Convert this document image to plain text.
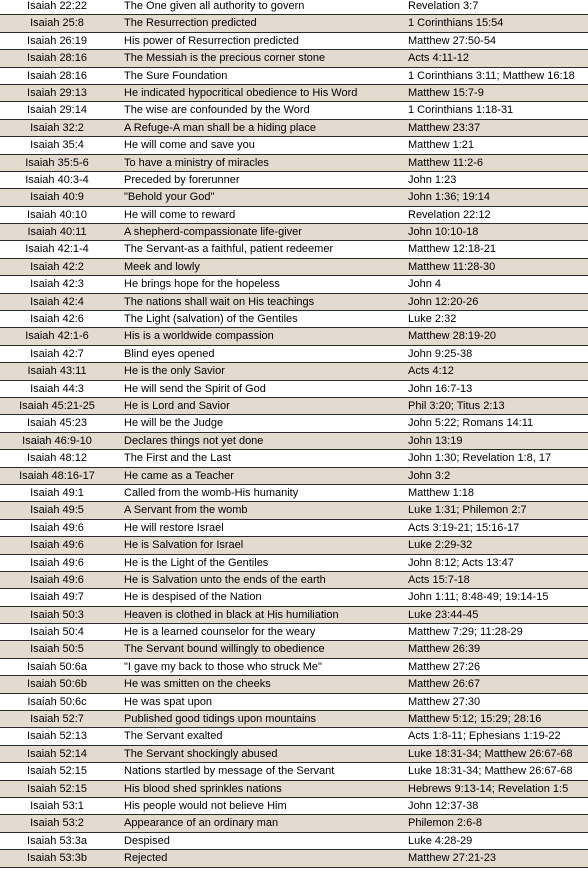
Isaiah 22:22	The One given all authority to govern	Revelation 3:7
Isaiah 25:8	The Resurrection predicted	1 Corinthians 15:54
Isaiah 26:19	His power of Resurrection predicted	Matthew 27:50-54
Isaiah 28:16	The Messiah is the precious corner stone	Acts 4:11-12
Isaiah 28:16	The Sure Foundation	1 Corinthians 3:11; Matthew 16:18
Isaiah 29:13	He indicated hypocritical obedience to His Word	Matthew 15:7-9
Isaiah 29:14	The wise are confounded by the Word	1 Corinthians 1:18-31
Isaiah 32:2	A Refuge-A man shall be a hiding place	Matthew 23:37
Isaiah 35:4	He will come and save you	Matthew 1:21
Isaiah 35:5-6	To have a ministry of miracles	Matthew 11:2-6
Isaiah 40:3-4	Preceded by forerunner	John 1:23
Isaiah 40:9	"Behold your God"	John 1:36; 19:14
Isaiah 40:10	He will come to reward	Revelation 22:12
Isaiah 40:11	A shepherd-compassionate life-giver	John 10:10-18
Isaiah 42:1-4	The Servant-as a faithful, patient redeemer	Matthew 12:18-21
Isaiah 42:2	Meek and lowly	Matthew 11:28-30
Isaiah 42:3	He brings hope for the hopeless	John 4
Isaiah 42:4	The nations shall wait on His teachings	John 12:20-26
Isaiah 42:6	The Light (salvation) of the Gentiles	Luke 2:32
Isaiah 42:1-6	His is a worldwide compassion	Matthew 28:19-20
Isaiah 42:7	Blind eyes opened	John 9:25-38
Isaiah 43:11	He is the only Savior	Acts 4:12
Isaiah 44:3	He will send the Spirit of God	John 16:7-13
Isaiah 45:21-25	He is Lord and Savior	Phil 3:20; Titus 2:13
Isaiah 45:23	He will be the Judge	John 5:22; Romans 14:11
Isaiah 46:9-10	Declares things not yet done	John 13:19
Isaiah 48:12	The First and the Last	John 1:30; Revelation 1:8, 17
Isaiah 48:16-17	He came as a Teacher	John 3:2
Isaiah 49:1	Called from the womb-His humanity	Matthew 1:18
Isaiah 49:5	A Servant from the womb	Luke 1:31; Philemon 2:7
Isaiah 49:6	He will restore Israel	Acts 3:19-21; 15:16-17
Isaiah 49:6	He is Salvation for Israel	Luke 2:29-32
Isaiah 49:6	He is the Light of the Gentiles	John 8:12; Acts 13:47
Isaiah 49:6	He is Salvation unto the ends of the earth	Acts 15:7-18
Isaiah 49:7	He is despised of the Nation	John 1:11; 8:48-49; 19:14-15
Isaiah 50:3	Heaven is clothed in black at His humiliation	Luke 23:44-45
Isaiah 50:4	He is a learned counselor for the weary	Matthew 7:29; 11:28-29
Isaiah 50:5	The Servant bound willingly to obedience	Matthew 26:39
Isaiah 50:6a	"I gave my back to those who struck Me"	Matthew 27:26
Isaiah 50:6b	He was smitten on the cheeks	Matthew 26:67
Isaiah 50:6c	He was spat upon	Matthew 27:30
Isaiah 52:7	Published good tidings upon mountains	Matthew 5:12; 15:29; 28:16
Isaiah 52:13	The Servant exalted	Acts 1:8-11; Ephesians 1:19-22
Isaiah 52:14	The Servant shockingly abused	Luke 18:31-34; Matthew 26:67-68
Isaiah 52:15	Nations startled by message of the Servant	Luke 18:31-34; Matthew 26:67-68
Isaiah 52:15	His blood shed sprinkles nations	Hebrews 9:13-14; Revelation 1:5
Isaiah 53:1	His people would not believe Him	John 12:37-38
Isaiah 53:2	Appearance of an ordinary man	Philemon 2:6-8
Isaiah 53:3a	Despised	Luke 4:28-29
Isaiah 53:3b	Rejected	Matthew 27:21-23
